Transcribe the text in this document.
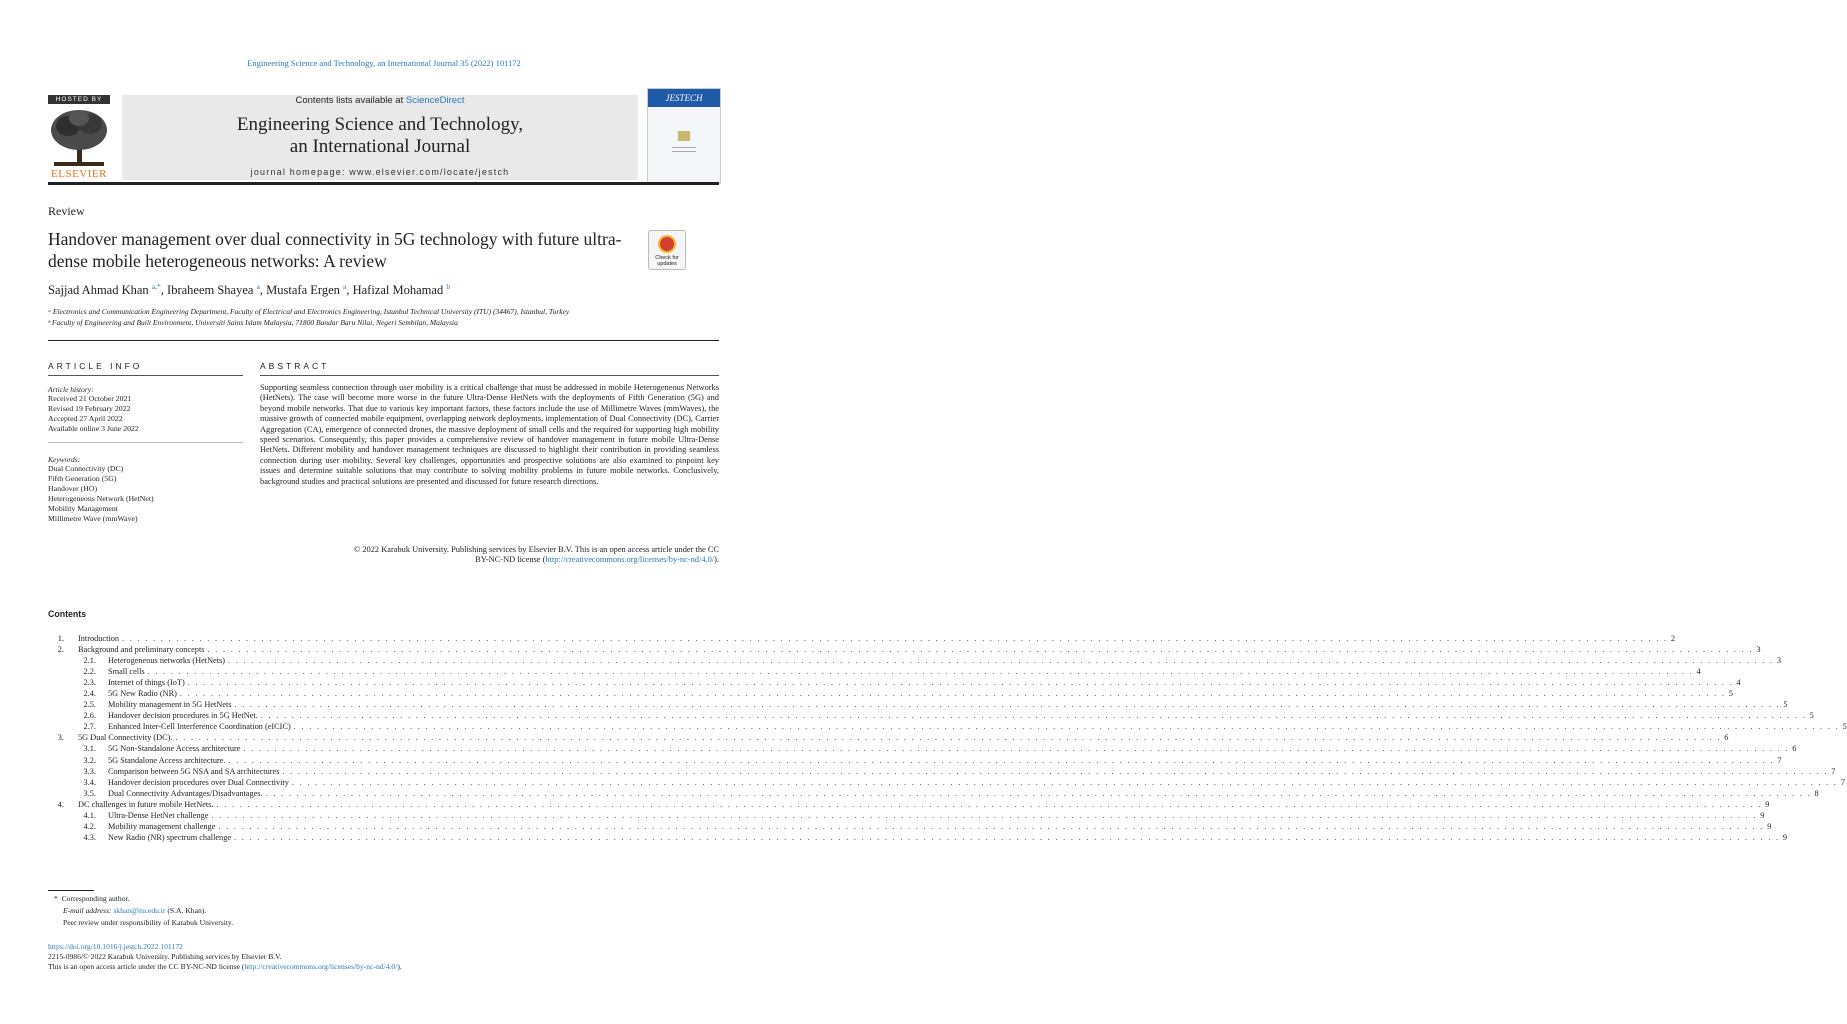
Engineering Science and Technology, an International Journal 35 (2022) 101172
HOSTED BY
ELSEVIER
Contents lists available at ScienceDirect
Engineering Science and Technology,
an International Journal
journal homepage: www.elsevier.com/locate/jestch
JESTECH
Review
Handover management over dual connectivity in 5G technology with future ultra-dense mobile heterogeneous networks: A review	Check for updates
Sajjad Ahmad Khan $^{a,*}$, Ibraheem Shayea $^a$, Mustafa Ergen $^a$, Hafizal Mohamad $^b$
ᵃ Electronics and Communication Engineering Department, Faculty of Electrical and Electronics Engineering, Istanbul Technical University (ITU) (34467), Istanbul, Turkey
ᵇ Faculty of Engineering and Built Environment, Universiti Sains Islam Malaysia, 71800 Bandar Baru Nilai, Negeri Sembilan, Malaysia
ARTICLE INFO
Article history:
Received 21 October 2021
Revised 19 February 2022
Accepted 27 April 2022
Available online 3 June 2022
Keywords:
Dual Connectivity (DC)
Fifth Generation (5G)
Handover (HO)
Heterogeneous Network (HetNet)
Mobility Management
Millimetre Wave (mmWave)
ABSTRACT
Supporting seamless connection through user mobility is a critical challenge that must be addressed in mobile Heterogeneous Networks (HetNets). The case will become more worse in the future Ultra-Dense HetNets with the deployments of Fifth Generation (5G) and beyond mobile networks. That due to various key important factors, these factors include the use of Millimetre Waves (mmWaves), the massive growth of connected mobile equipment, overlapping network deployments, implementation of Dual Connectivity (DC), Carrier Aggregation (CA), emergence of connected drones, the massive deployment of small cells and the required for supporting high mobility speed scenarios. Consequently, this paper provides a comprehensive review of handover management in future mobile Ultra-Dense HetNets. Different mobility and handover management techniques are discussed to highlight their contribution in providing seamless connection during user mobility. Several key challenges, opportunities and prospective solutions are also examined to pinpoint key issues and determine suitable solutions that may contribute to solving mobility problems in future mobile networks. Conclusively, background studies and practical solutions are presented and discussed for future research directions.
© 2022 Karabuk University. Publishing services by Elsevier B.V. This is an open access article under the CC
BY-NC-ND license (http://creativecommons.org/licenses/by-nc-nd/4.0/).
Contents
1. Introduction . . . . . . . . . . . . . . . . . . . . . . . . . . . . . . . . . . . . . . . . . . . . . . . . . . . . . . . . . . . . . . . . . . . . . . . . . . . . . . . . . . . . . . . . . . . . . . . . . . . . . . . . . . . . . . . . . . . . . . . . . . . . . . . . . . . . . . . . . . . . . . . . . . . . . . . . . . . . . . . . . . . . . . . . . . . . . . . . . . . . . . . . . . . . . . . . . . . . . . . . 2
2. Background and preliminary concepts . . . . . . . . . . . . . . . . . . . . . . . . . . . . . . . . . . . . . . . . . . . . . . . . . . . . . . . . . . . . . . . . . . . . . . . . . . . . . . . . . . . . . . . . . . . . . . . . . . . . . . . . . . . . . . . . . . . . . . . . . . . . . . . . . . . . . . . . . . . . . . . . . . . . . . . . . . . . . . . . . . . . . . . . . . . . . . . . . . . . . . . . . . . . . . . . . . . . . . . . 3
2.1. Heterogeneous networks (HetNets) . . . . . . . . . . . . . . . . . . . . . . . . . . . . . . . . . . . . . . . . . . . . . . . . . . . . . . . . . . . . . . . . . . . . . . . . . . . . . . . . . . . . . . . . . . . . . . . . . . . . . . . . . . . . . . . . . . . . . . . . . . . . . . . . . . . . . . . . . . . . . . . . . . . . . . . . . . . . . . . . . . . . . . . . . . . . . . . . . . . . . . . . . . . . . . . . . . . . . . . . 3
2.2. Small cells . . . . . . . . . . . . . . . . . . . . . . . . . . . . . . . . . . . . . . . . . . . . . . . . . . . . . . . . . . . . . . . . . . . . . . . . . . . . . . . . . . . . . . . . . . . . . . . . . . . . . . . . . . . . . . . . . . . . . . . . . . . . . . . . . . . . . . . . . . . . . . . . . . . . . . . . . . . . . . . . . . . . . . . . . . . . . . . . . . . . . . . . . . . . . . . . . . . . . . . . 4
2.3. Internet of things (IoT) . . . . . . . . . . . . . . . . . . . . . . . . . . . . . . . . . . . . . . . . . . . . . . . . . . . . . . . . . . . . . . . . . . . . . . . . . . . . . . . . . . . . . . . . . . . . . . . . . . . . . . . . . . . . . . . . . . . . . . . . . . . . . . . . . . . . . . . . . . . . . . . . . . . . . . . . . . . . . . . . . . . . . . . . . . . . . . . . . . . . . . . . . . . . . . . . . . . . . . . . 4
2.4. 5G New Radio (NR) . . . . . . . . . . . . . . . . . . . . . . . . . . . . . . . . . . . . . . . . . . . . . . . . . . . . . . . . . . . . . . . . . . . . . . . . . . . . . . . . . . . . . . . . . . . . . . . . . . . . . . . . . . . . . . . . . . . . . . . . . . . . . . . . . . . . . . . . . . . . . . . . . . . . . . . . . . . . . . . . . . . . . . . . . . . . . . . . . . . . . . . . . . . . . . . . . . . . . . . . 5
2.5. Mobility management in 5G HetNets . . . . . . . . . . . . . . . . . . . . . . . . . . . . . . . . . . . . . . . . . . . . . . . . . . . . . . . . . . . . . . . . . . . . . . . . . . . . . . . . . . . . . . . . . . . . . . . . . . . . . . . . . . . . . . . . . . . . . . . . . . . . . . . . . . . . . . . . . . . . . . . . . . . . . . . . . . . . . . . . . . . . . . . . . . . . . . . . . . . . . . . . . . . . . . . . . . . . . . . . 5
2.6. Handover decision procedures in 5G HetNet. . . . . . . . . . . . . . . . . . . . . . . . . . . . . . . . . . . . . . . . . . . . . . . . . . . . . . . . . . . . . . . . . . . . . . . . . . . . . . . . . . . . . . . . . . . . . . . . . . . . . . . . . . . . . . . . . . . . . . . . . . . . . . . . . . . . . . . . . . . . . . . . . . . . . . . . . . . . . . . . . . . . . . . . . . . . . . . . . . . . . . . . . . . . . . . . . . . . . . . . . 5
2.7. Enhanced Inter-Cell Interference Coordination (eICIC) . . . . . . . . . . . . . . . . . . . . . . . . . . . . . . . . . . . . . . . . . . . . . . . . . . . . . . . . . . . . . . . . . . . . . . . . . . . . . . . . . . . . . . . . . . . . . . . . . . . . . . . . . . . . . . . . . . . . . . . . . . . . . . . . . . . . . . . . . . . . . . . . . . . . . . . . . . . . . . . . . . . . . . . . . . . . . . . . . . . . . . . . . . . . . . . . . . . . . . . . 5
3. 5G Dual Connectivity (DC). . . . . . . . . . . . . . . . . . . . . . . . . . . . . . . . . . . . . . . . . . . . . . . . . . . . . . . . . . . . . . . . . . . . . . . . . . . . . . . . . . . . . . . . . . . . . . . . . . . . . . . . . . . . . . . . . . . . . . . . . . . . . . . . . . . . . . . . . . . . . . . . . . . . . . . . . . . . . . . . . . . . . . . . . . . . . . . . . . . . . . . . . . . . . . . . . . . . . . . . . 6
3.1. 5G Non-Standalone Access architecture . . . . . . . . . . . . . . . . . . . . . . . . . . . . . . . . . . . . . . . . . . . . . . . . . . . . . . . . . . . . . . . . . . . . . . . . . . . . . . . . . . . . . . . . . . . . . . . . . . . . . . . . . . . . . . . . . . . . . . . . . . . . . . . . . . . . . . . . . . . . . . . . . . . . . . . . . . . . . . . . . . . . . . . . . . . . . . . . . . . . . . . . . . . . . . . . . . . . . . . . 6
3.2. 5G Standalone Access architecture. . . . . . . . . . . . . . . . . . . . . . . . . . . . . . . . . . . . . . . . . . . . . . . . . . . . . . . . . . . . . . . . . . . . . . . . . . . . . . . . . . . . . . . . . . . . . . . . . . . . . . . . . . . . . . . . . . . . . . . . . . . . . . . . . . . . . . . . . . . . . . . . . . . . . . . . . . . . . . . . . . . . . . . . . . . . . . . . . . . . . . . . . . . . . . . . . . . . . . . . . 7
3.3. Comparison between 5G NSA and SA architectures . . . . . . . . . . . . . . . . . . . . . . . . . . . . . . . . . . . . . . . . . . . . . . . . . . . . . . . . . . . . . . . . . . . . . . . . . . . . . . . . . . . . . . . . . . . . . . . . . . . . . . . . . . . . . . . . . . . . . . . . . . . . . . . . . . . . . . . . . . . . . . . . . . . . . . . . . . . . . . . . . . . . . . . . . . . . . . . . . . . . . . . . . . . . . . . . . . . . . . . . 7
3.4. Handover decision procedures over Dual Connectivity . . . . . . . . . . . . . . . . . . . . . . . . . . . . . . . . . . . . . . . . . . . . . . . . . . . . . . . . . . . . . . . . . . . . . . . . . . . . . . . . . . . . . . . . . . . . . . . . . . . . . . . . . . . . . . . . . . . . . . . . . . . . . . . . . . . . . . . . . . . . . . . . . . . . . . . . . . . . . . . . . . . . . . . . . . . . . . . . . . . . . . . . . . . . . . . . . . . . . . . . 7
3.5. Dual Connectivity Advantages/Disadvantages. . . . . . . . . . . . . . . . . . . . . . . . . . . . . . . . . . . . . . . . . . . . . . . . . . . . . . . . . . . . . . . . . . . . . . . . . . . . . . . . . . . . . . . . . . . . . . . . . . . . . . . . . . . . . . . . . . . . . . . . . . . . . . . . . . . . . . . . . . . . . . . . . . . . . . . . . . . . . . . . . . . . . . . . . . . . . . . . . . . . . . . . . . . . . . . . . . . . . . . . . 8
4. DC challenges in future mobile HetNets. . . . . . . . . . . . . . . . . . . . . . . . . . . . . . . . . . . . . . . . . . . . . . . . . . . . . . . . . . . . . . . . . . . . . . . . . . . . . . . . . . . . . . . . . . . . . . . . . . . . . . . . . . . . . . . . . . . . . . . . . . . . . . . . . . . . . . . . . . . . . . . . . . . . . . . . . . . . . . . . . . . . . . . . . . . . . . . . . . . . . . . . . . . . . . . . . . . . . . . . . 9
4.1. Ultra-Dense HetNet challenge . . . . . . . . . . . . . . . . . . . . . . . . . . . . . . . . . . . . . . . . . . . . . . . . . . . . . . . . . . . . . . . . . . . . . . . . . . . . . . . . . . . . . . . . . . . . . . . . . . . . . . . . . . . . . . . . . . . . . . . . . . . . . . . . . . . . . . . . . . . . . . . . . . . . . . . . . . . . . . . . . . . . . . . . . . . . . . . . . . . . . . . . . . . . . . . . . . . . . . . . 9
4.2. Mobility management challenge . . . . . . . . . . . . . . . . . . . . . . . . . . . . . . . . . . . . . . . . . . . . . . . . . . . . . . . . . . . . . . . . . . . . . . . . . . . . . . . . . . . . . . . . . . . . . . . . . . . . . . . . . . . . . . . . . . . . . . . . . . . . . . . . . . . . . . . . . . . . . . . . . . . . . . . . . . . . . . . . . . . . . . . . . . . . . . . . . . . . . . . . . . . . . . . . . . . . . . . . 9
4.3. New Radio (NR) spectrum challenge . . . . . . . . . . . . . . . . . . . . . . . . . . . . . . . . . . . . . . . . . . . . . . . . . . . . . . . . . . . . . . . . . . . . . . . . . . . . . . . . . . . . . . . . . . . . . . . . . . . . . . . . . . . . . . . . . . . . . . . . . . . . . . . . . . . . . . . . . . . . . . . . . . . . . . . . . . . . . . . . . . . . . . . . . . . . . . . . . . . . . . . . . . . . . . . . . . . . . . . . 9
* Corresponding author.
E-mail address: skhan@itu.edu.tr (S.A. Khan).
Peer review under responsibility of Karabuk University.
https://doi.org/10.1016/j.jestch.2022.101172
2215-0986/© 2022 Karabuk University. Publishing services by Elsevier B.V.
This is an open access article under the CC BY-NC-ND license (http://creativecommons.org/licenses/by-nc-nd/4.0/).
